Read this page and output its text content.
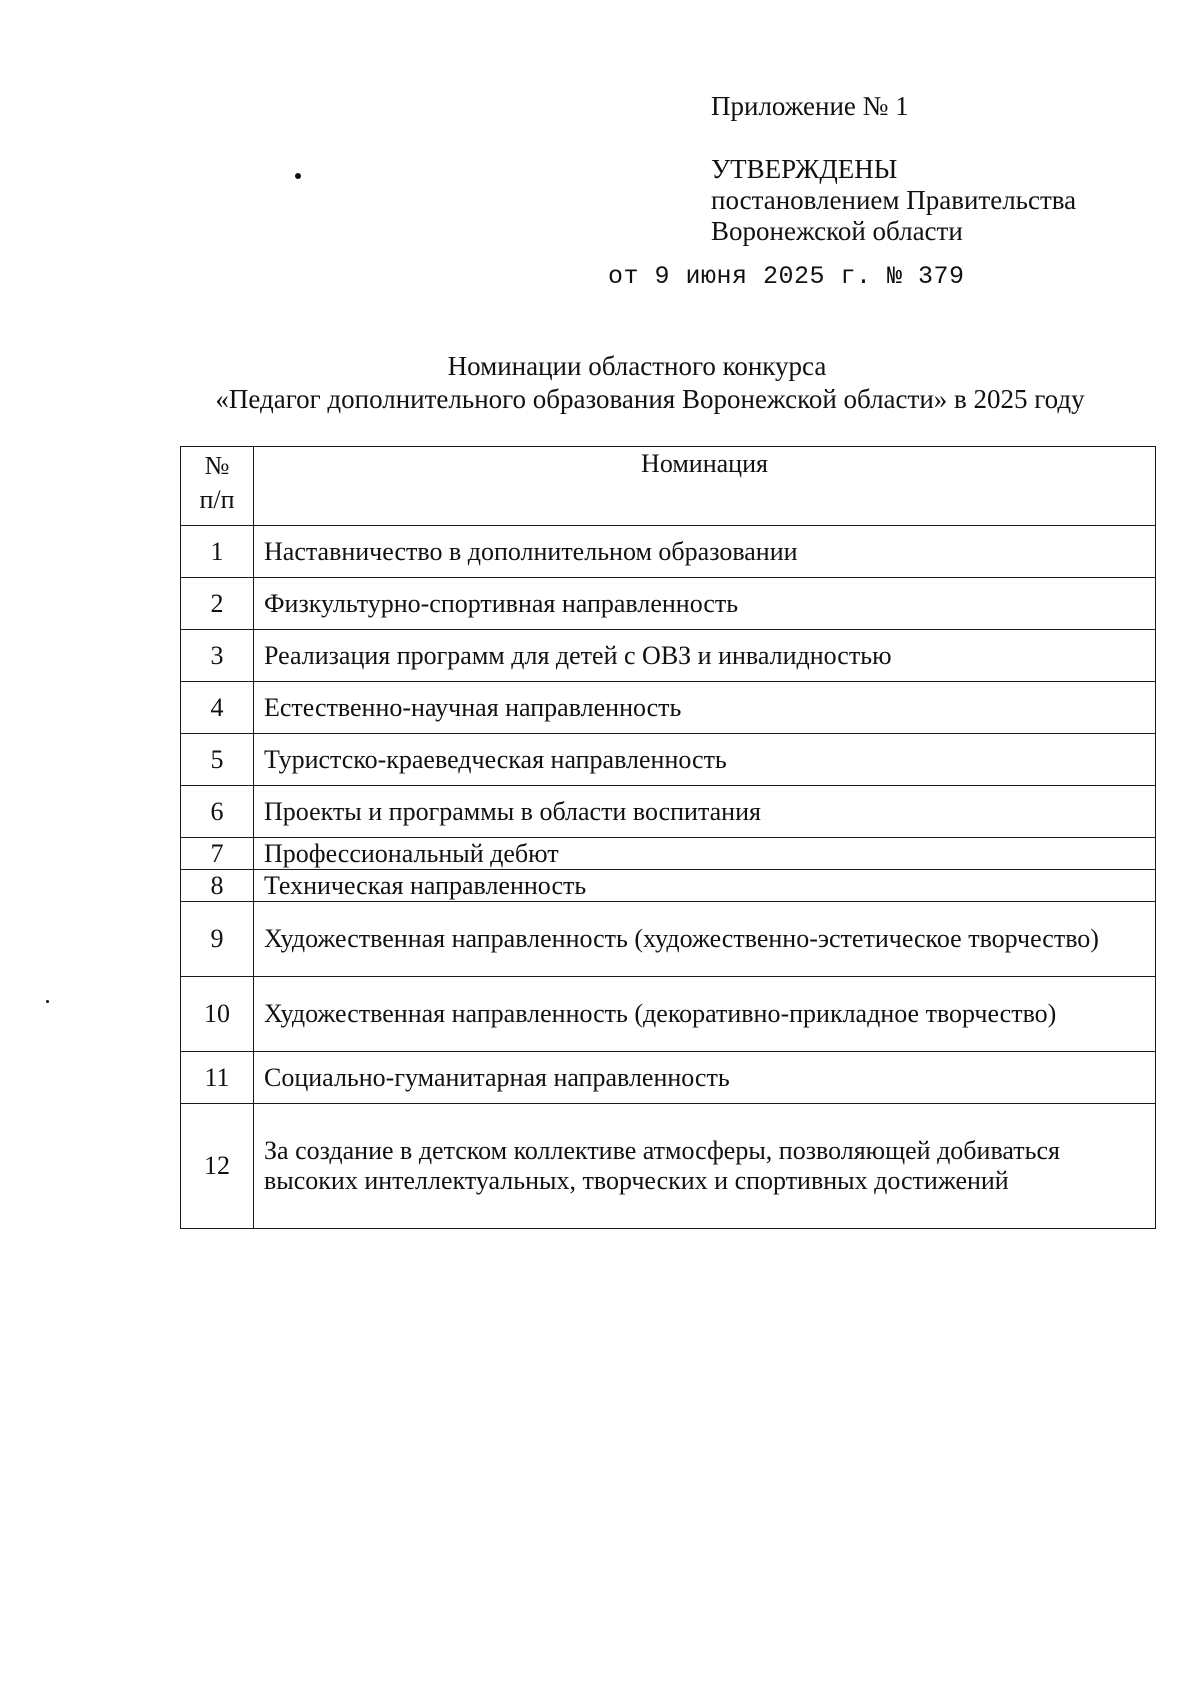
Приложение № 1
УТВЕРЖДЕНЫ
постановлением Правительства
Воронежской области
от 9 июня 2025 г. № 379
Номинации областного конкурса
«Педагог дополнительного образования Воронежской области» в 2025 году
№
п/п	Номинация
1	Наставничество в дополнительном образовании
2	Физкультурно-спортивная направленность
3	Реализация программ для детей с ОВЗ и инвалидностью
4	Естественно-научная направленность
5	Туристско-краеведческая направленность
6	Проекты и программы в области воспитания
7	Профессиональный дебют
8	Техническая направленность
9	Художественная направленность (художественно-эстетическое творчество)
10	Художественная направленность (декоративно-прикладное творчество)
11	Социально-гуманитарная направленность
12	За создание в детском коллективе атмосферы, позволяющей добиваться высоких интеллектуальных, творческих и спортивных достижений
